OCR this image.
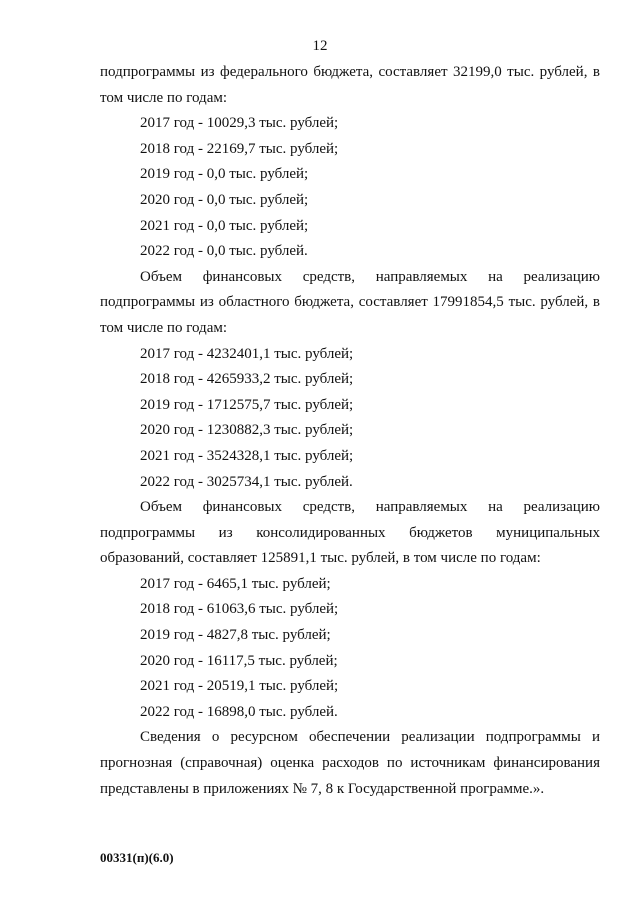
12
подпрограммы из федерального бюджета, составляет 32199,0 тыс. рублей, в
том числе по годам:
2017 год - 10029,3 тыс. рублей;
2018 год - 22169,7 тыс. рублей;
2019 год - 0,0 тыс. рублей;
2020 год - 0,0 тыс. рублей;
2021 год - 0,0 тыс. рублей;
2022 год - 0,0 тыс. рублей.
Объем финансовых средств, направляемых на реализацию
подпрограммы из областного бюджета, составляет 17991854,5 тыс. рублей, в
том числе по годам:
2017 год - 4232401,1 тыс. рублей;
2018 год - 4265933,2 тыс. рублей;
2019 год - 1712575,7 тыс. рублей;
2020 год - 1230882,3 тыс. рублей;
2021 год - 3524328,1 тыс. рублей;
2022 год - 3025734,1 тыс. рублей.
Объем финансовых средств, направляемых на реализацию
подпрограммы из консолидированных бюджетов муниципальных
образований, составляет 125891,1 тыс. рублей, в том числе по годам:
2017 год - 6465,1 тыс. рублей;
2018 год - 61063,6 тыс. рублей;
2019 год - 4827,8 тыс. рублей;
2020 год - 16117,5 тыс. рублей;
2021 год - 20519,1 тыс. рублей;
2022 год - 16898,0 тыс. рублей.
Сведения о ресурсном обеспечении реализации подпрограммы и
прогнозная (справочная) оценка расходов по источникам финансирования
представлены в приложениях № 7, 8 к Государственной программе.».
00331(п)(6.0)
